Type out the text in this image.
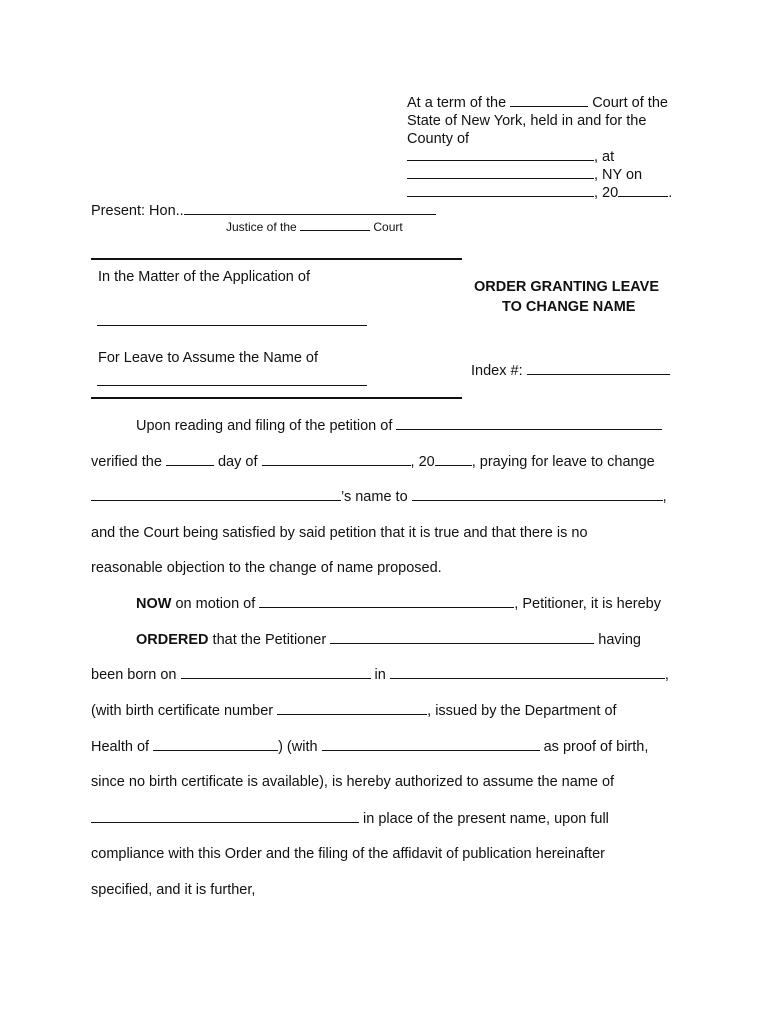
At a term of the	Court of the
State of New York, held in and for the
County of
, at
, NY on
, 20	.
Present: Hon..
Justice of the	Court
In the Matter of the Application of
For Leave to Assume the Name of
ORDER GRANTING LEAVE
TO CHANGE NAME
Index #:
Upon reading and filing of the petition of
verified the	day of	, 20	, praying for leave to change
’s name to	,
and the Court being satisfied by said petition that it is true and that there is no
reasonable objection to the change of name proposed.
NOW on motion of	, Petitioner, it is hereby
ORDERED that the Petitioner	having
been born on	in	,
(with birth certificate number	, issued by the Department of
Health of	) (with	as proof of birth,
since no birth certificate is available), is hereby authorized to assume the name of
in place of the present name, upon full
compliance with this Order and the filing of the affidavit of publication hereinafter
specified, and it is further,
